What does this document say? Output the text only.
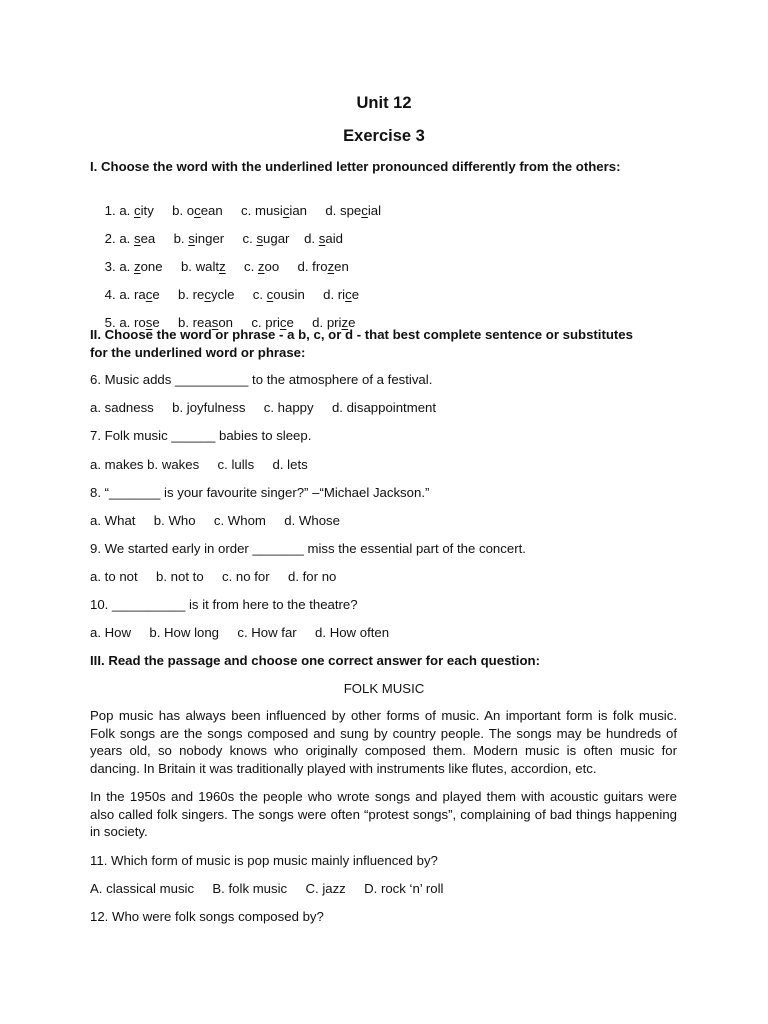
Unit 12
Exercise 3
I. Choose the word with the underlined letter pronounced differently from the others:

1. a. city b. ocean c. musician d. special

2. a. sea b. singer c. sugar d. said

3. a. zone b. waltz c. zoo d. frozen

4. a. race b. recycle c. cousin d. rice

5. a. rose b. reason c. price d. prize

II. Choose the word or phrase - a b, c, or d - that best complete sentence or substitutes
for the underlined word or phrase:
6. Music adds __________ to the atmosphere of a festival.
a. sadness b. joyfulness c. happy d. disappointment
7. Folk music ______ babies to sleep.
a. makes b. wakes c. lulls d. lets
8. “_______ is your favourite singer?” –“Michael Jackson.”
a. What b. Who c. Whom d. Whose
9. We started early in order _______ miss the essential part of the concert.
a. to not b. not to c. no for d. for no
10. __________ is it from here to the theatre?
a. How b. How long c. How far d. How often
III. Read the passage and choose one correct answer for each question:
FOLK MUSIC
Pop music has always been influenced by other forms of music. An important form is folk music. Folk songs are the songs composed and sung by country people. The songs may be hundreds of years old, so nobody knows who originally composed them. Modern music is often music for dancing. In Britain it was traditionally played with instruments like flutes, accordion, etc.
In the 1950s and 1960s the people who wrote songs and played them with acoustic guitars were also called folk singers. The songs were often “protest songs”, complaining of bad things happening in society.
11. Which form of music is pop music mainly influenced by?
A. classical music B. folk music C. jazz D. rock ‘n’ roll
12. Who were folk songs composed by?
